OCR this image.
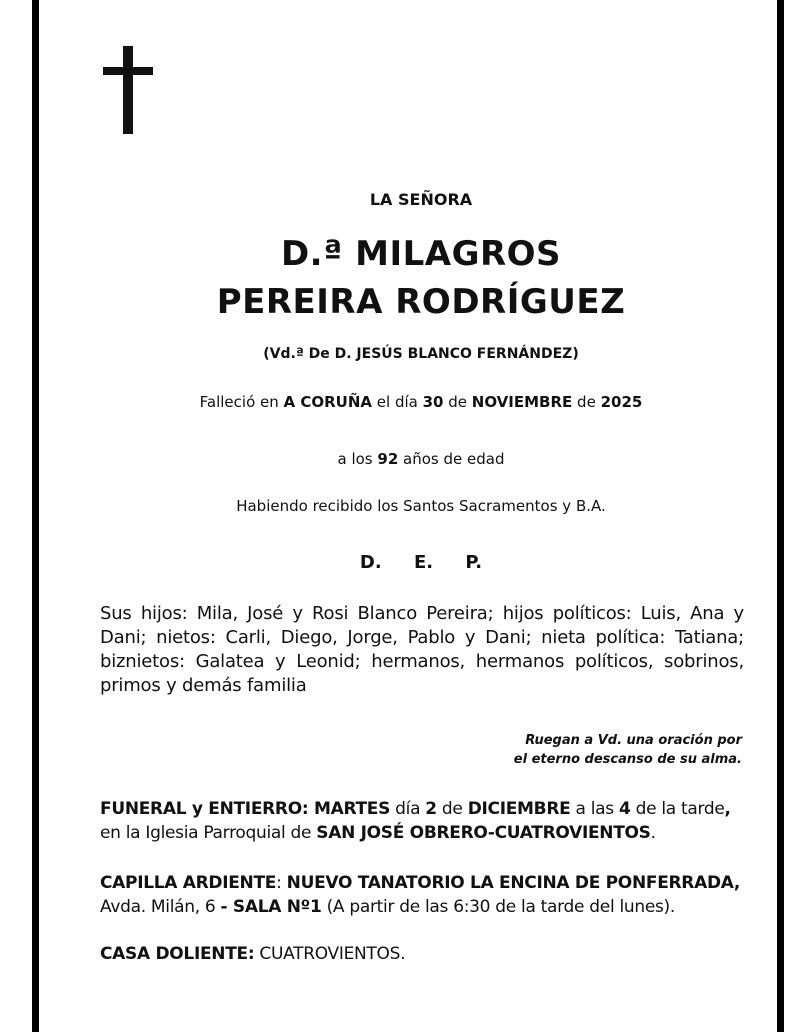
LA SEÑORA
D.ª MILAGROS
PEREIRA RODRÍGUEZ
(Vd.ª De D. JESÚS BLANCO FERNÁNDEZ)
Falleció en A CORUÑA el día 30 de NOVIEMBRE de 2025
a los 92 años de edad
Habiendo recibido los Santos Sacramentos y B.A.
D. E. P.
Sus hijos: Mila, José y Rosi Blanco Pereira; hijos políticos: Luis, Ana y Dani; nietos: Carli, Diego, Jorge, Pablo y Dani; nieta política: Tatiana; biznietos: Galatea y Leonid; hermanos, hermanos políticos, sobrinos, primos y demás familia
Ruegan a Vd. una oración por
el eterno descanso de su alma.
FUNERAL y ENTIERRO: MARTES día 2 de DICIEMBRE a las 4 de la tarde,
en la Iglesia Parroquial de SAN JOSÉ OBRERO-CUATROVIENTOS.
CAPILLA ARDIENTE: NUEVO TANATORIO LA ENCINA DE PONFERRADA,
Avda. Milán, 6 - SALA Nº1 (A partir de las 6:30 de la tarde del lunes).
CASA DOLIENTE: CUATROVIENTOS.
